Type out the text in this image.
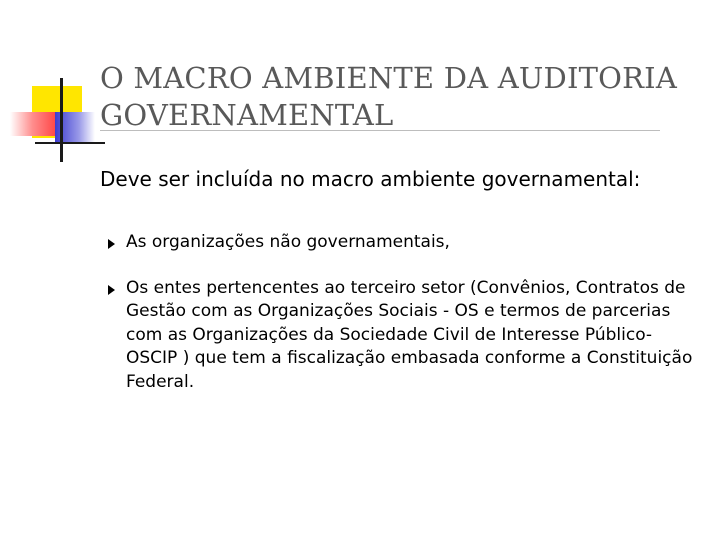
O MACRO AMBIENTE DA AUDITORIA
GOVERNAMENTAL

Deve ser incluída no macro ambiente governamental:

As organizações não governamentais,
Os entes pertencentes ao terceiro setor (Convênios, Contratos de Gestão com as Organizações Sociais - OS e termos de parcerias com as Organizações da Sociedade Civil de Interesse Público- OSCIP ) que tem a fiscalização embasada conforme a Constituição Federal.
